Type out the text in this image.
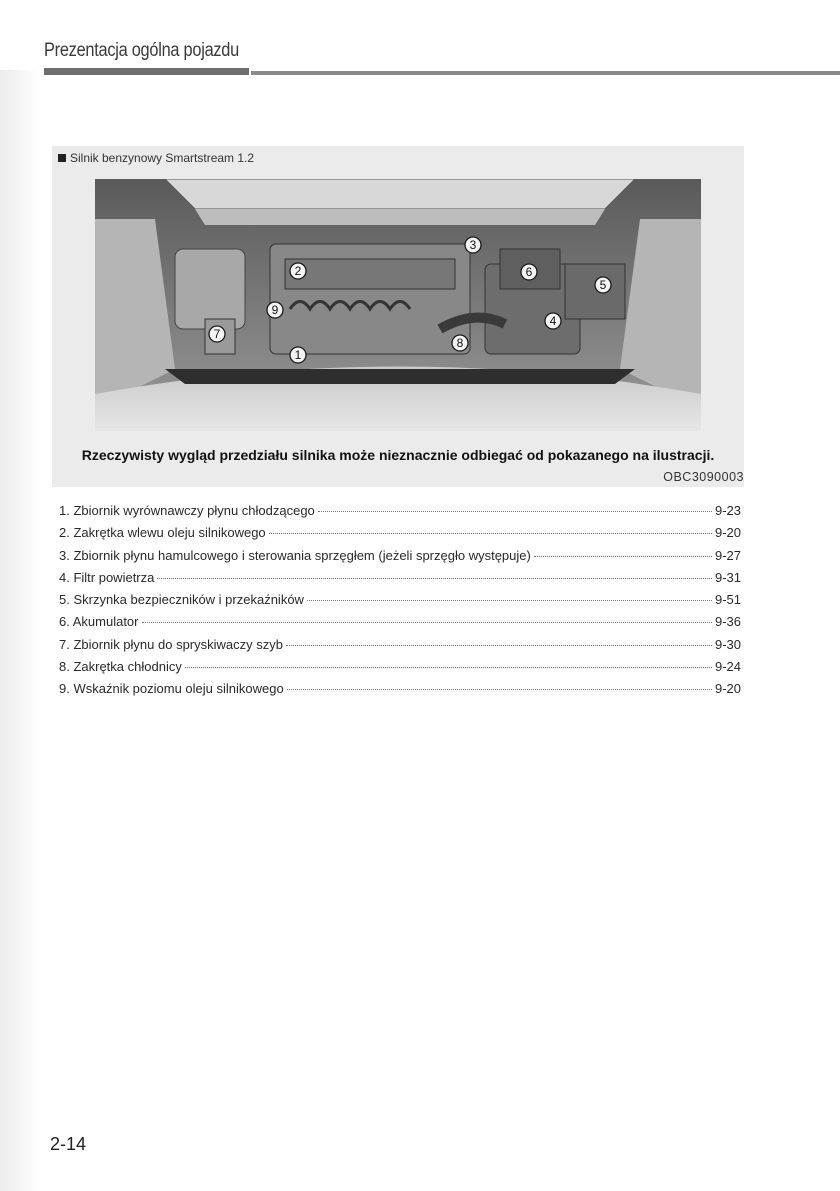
Prezentacja ogólna pojazdu
Silnik benzynowy Smartstream 1.2
1
2
3
4
5
6
7
8
9
Rzeczywisty wygląd przedziału silnika może nieznacznie odbiegać od pokazanego na ilustracji.
OBC3090003
1. Zbiornik wyrównawczy płynu chłodzącego	9-23
2. Zakrętka wlewu oleju silnikowego	9-20
3. Zbiornik płynu hamulcowego i sterowania sprzęgłem (jeżeli sprzęgło występuje)	9-27
4. Filtr powietrza	9-31
5. Skrzynka bezpieczników i przekaźników	9-51
6. Akumulator	9-36
7. Zbiornik płynu do spryskiwaczy szyb	9-30
8. Zakrętka chłodnicy	9-24
9. Wskaźnik poziomu oleju silnikowego	9-20
2-14
